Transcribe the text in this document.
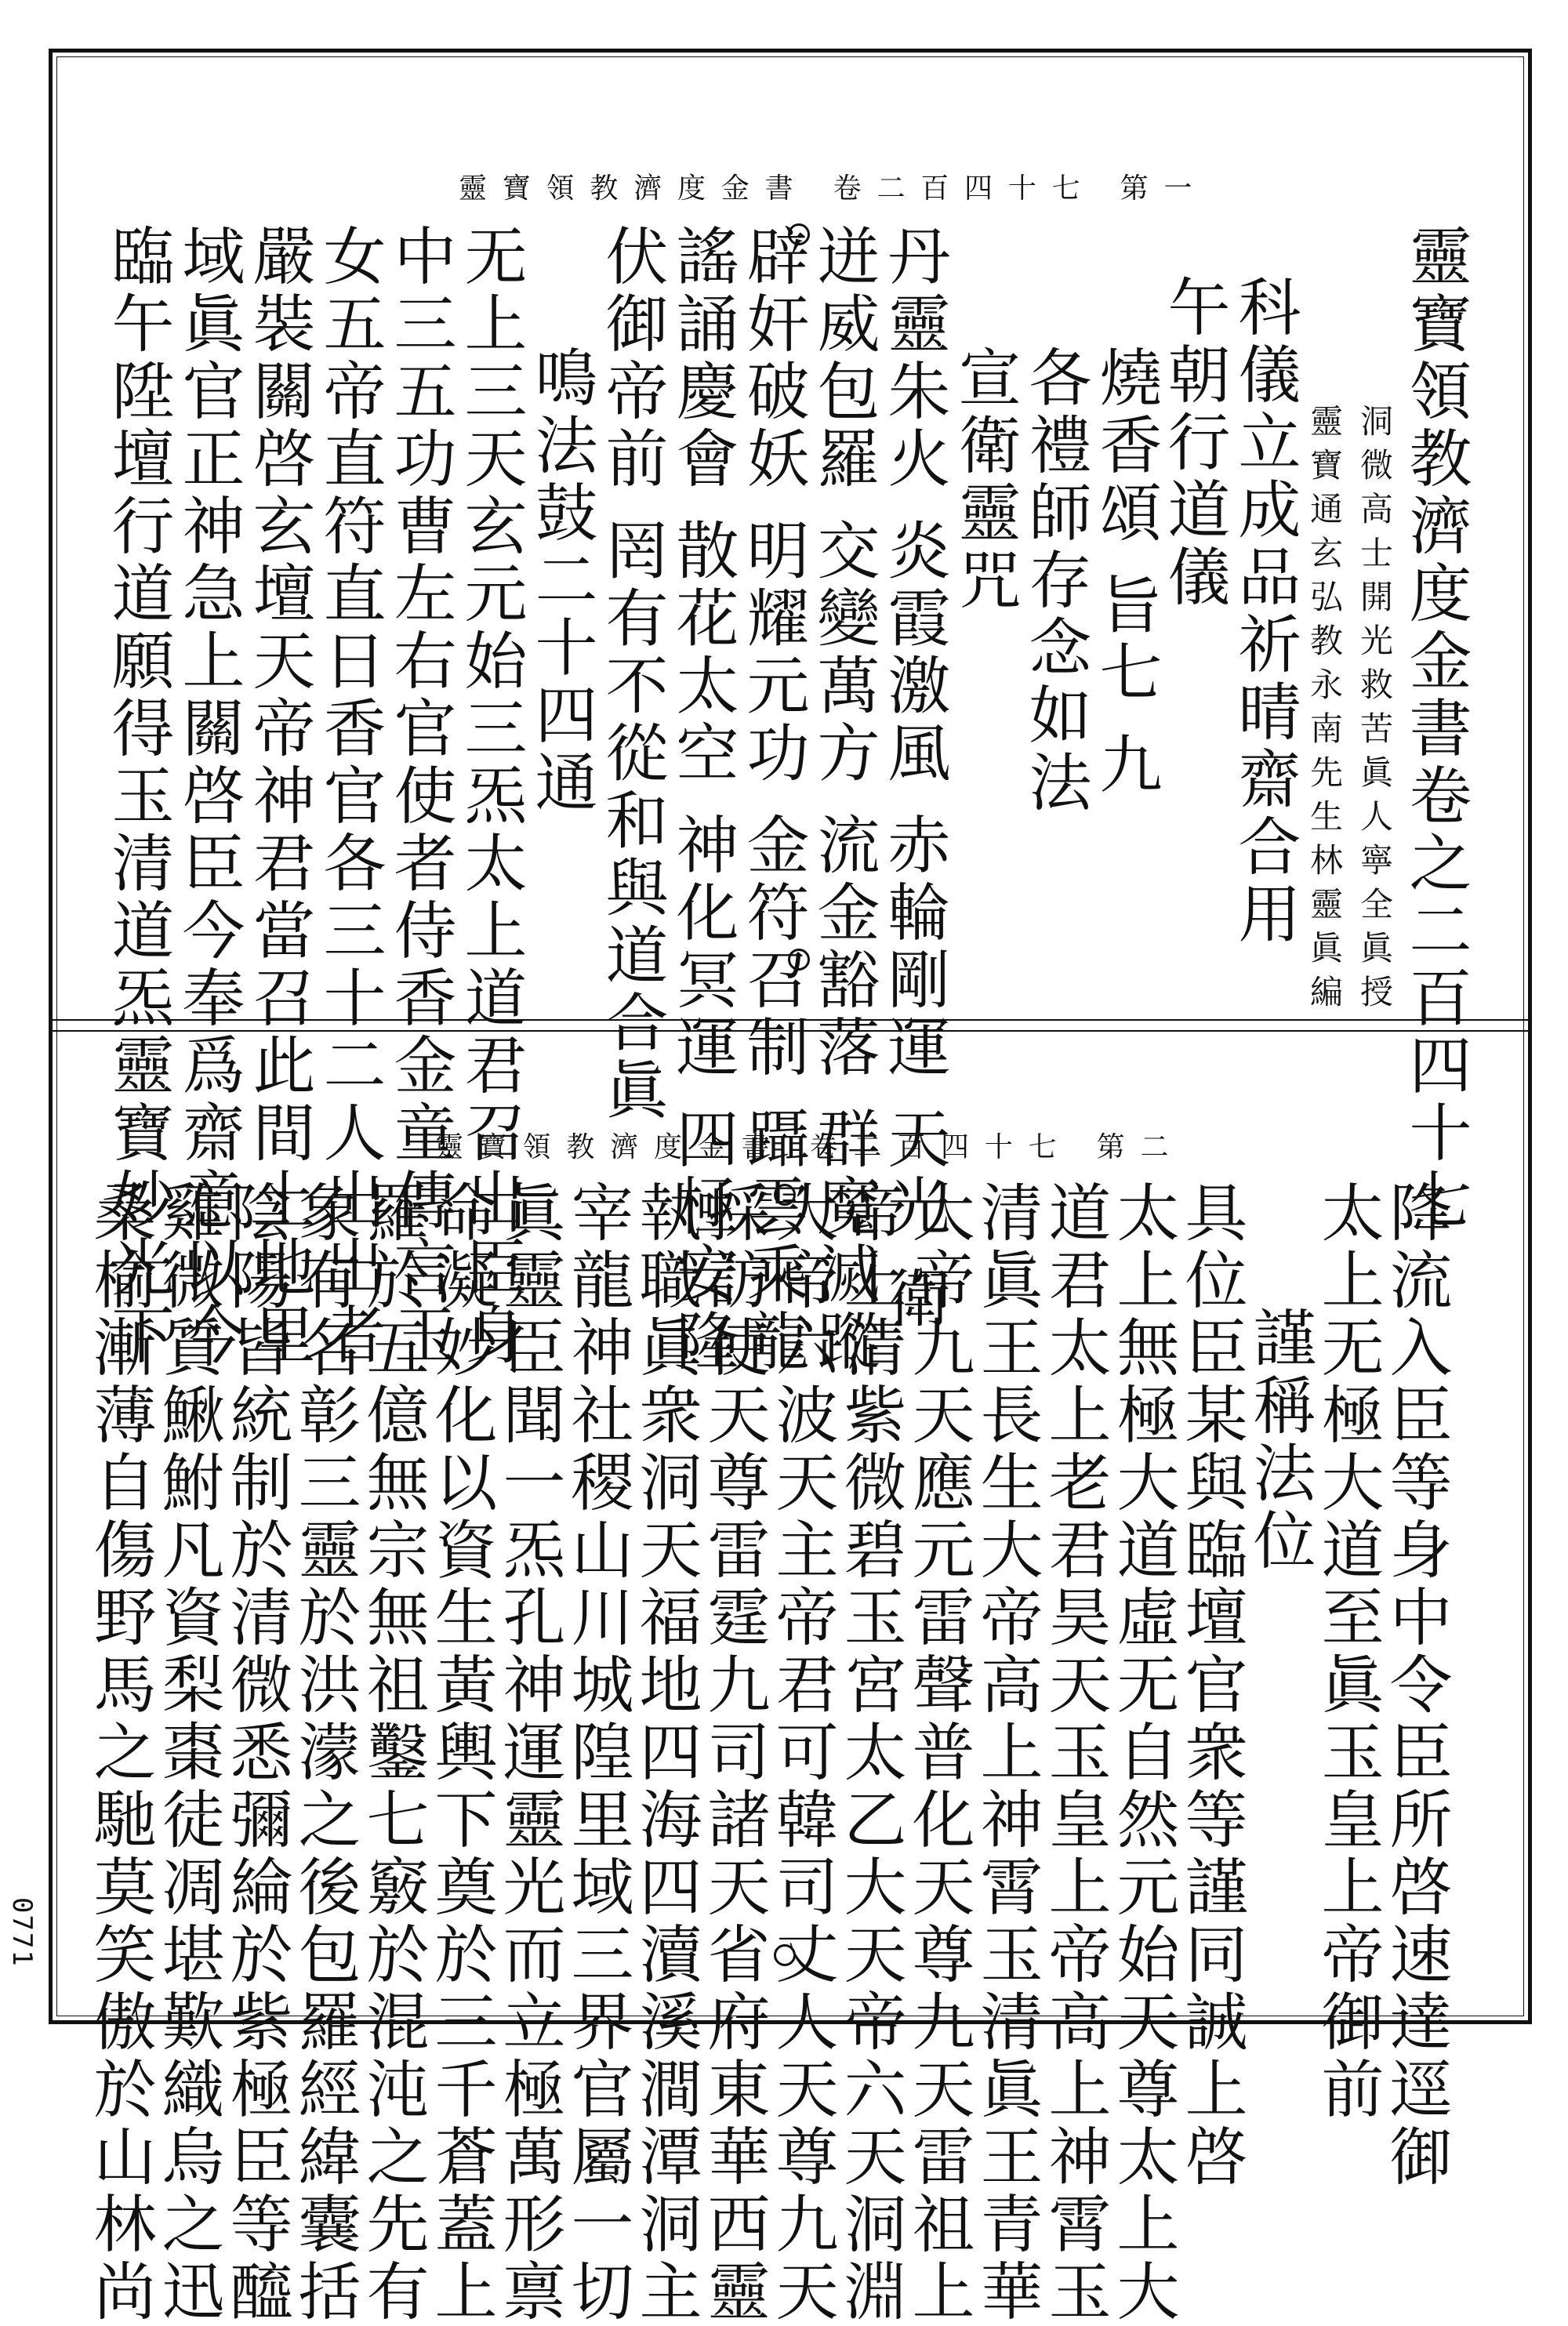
0771
靈寶領教濟度金書 卷二百四十七 第一
靈寶領教濟度金書卷之二百四十七
洞微高士開光救苦眞人寧全眞授
靈寶通玄弘教永南先生林靈眞編
科儀立成品祈晴齋合用
午朝行道儀
燒香頌 旨七 九
各禮師存念如法
宣衛靈咒
丹靈朱火 炎霞激風 赤輪剛運 天光 衛
迸威包羅 交變萬方 流金豁落 群魔滅蹤
辟奸破妖 明耀元功 金符召制 躡雲乘龍
謠誦慶會 散花太空 神化冥運 四極安隆
伏御帝前 罔有不從和與道合眞
鳴法鼓二十四通
无上三天玄元始三炁太上道君召出臣身
中三五功曹左右官使者侍香金童傳言玉
女五帝直符直日香官各三十二人出出者
嚴裝關啓玄壇天帝神君當召此間土地里
域眞官正神急上關啓臣今奉爲齋意以今
臨午陞壇行道願得玉清道炁靈寶妙光下	靈寶領教濟度金書 卷二百四十七 第二
降流入臣等身中令臣所啓速達逕御
太上无極大道至眞玉皇上帝御前
謹稱法位
具位臣某與臨壇官衆等謹同誠上啓
太上無極大道虛无自然元始天尊太上大
道君太上老君昊天玉皇上帝高上神霄玉
清眞王長生大帝高上神霄玉清眞王青華
大帝九天應元雷聲普化天尊九天雷祖上
帝上清紫微碧玉宮太乙大天帝六天洞淵
大帝六波天主帝君可韓司丈人天尊九天
採訪使天尊雷霆九司諸天省府東華西靈
執職眞衆洞天福地四海四瀆溪澗潭洞主
宰龍神社稷山川城隍里域三界官屬一切
眞靈臣聞一炁孔神運靈光而立極萬形禀
命凝妙化以資生黃輿下奠於三千蒼蓋上
羅於五億無宗無祖鑿七竅於混沌之先有
象有名彰三靈於洪濛之後包羅經緯囊括
陰陽皆統制於清微悉彌綸於紫極臣等醯
雞微質鰍鮒凡資梨棗徒凋堪歎織烏之迅
桑榆漸薄自傷野馬之馳莫笑傲於山林尚
